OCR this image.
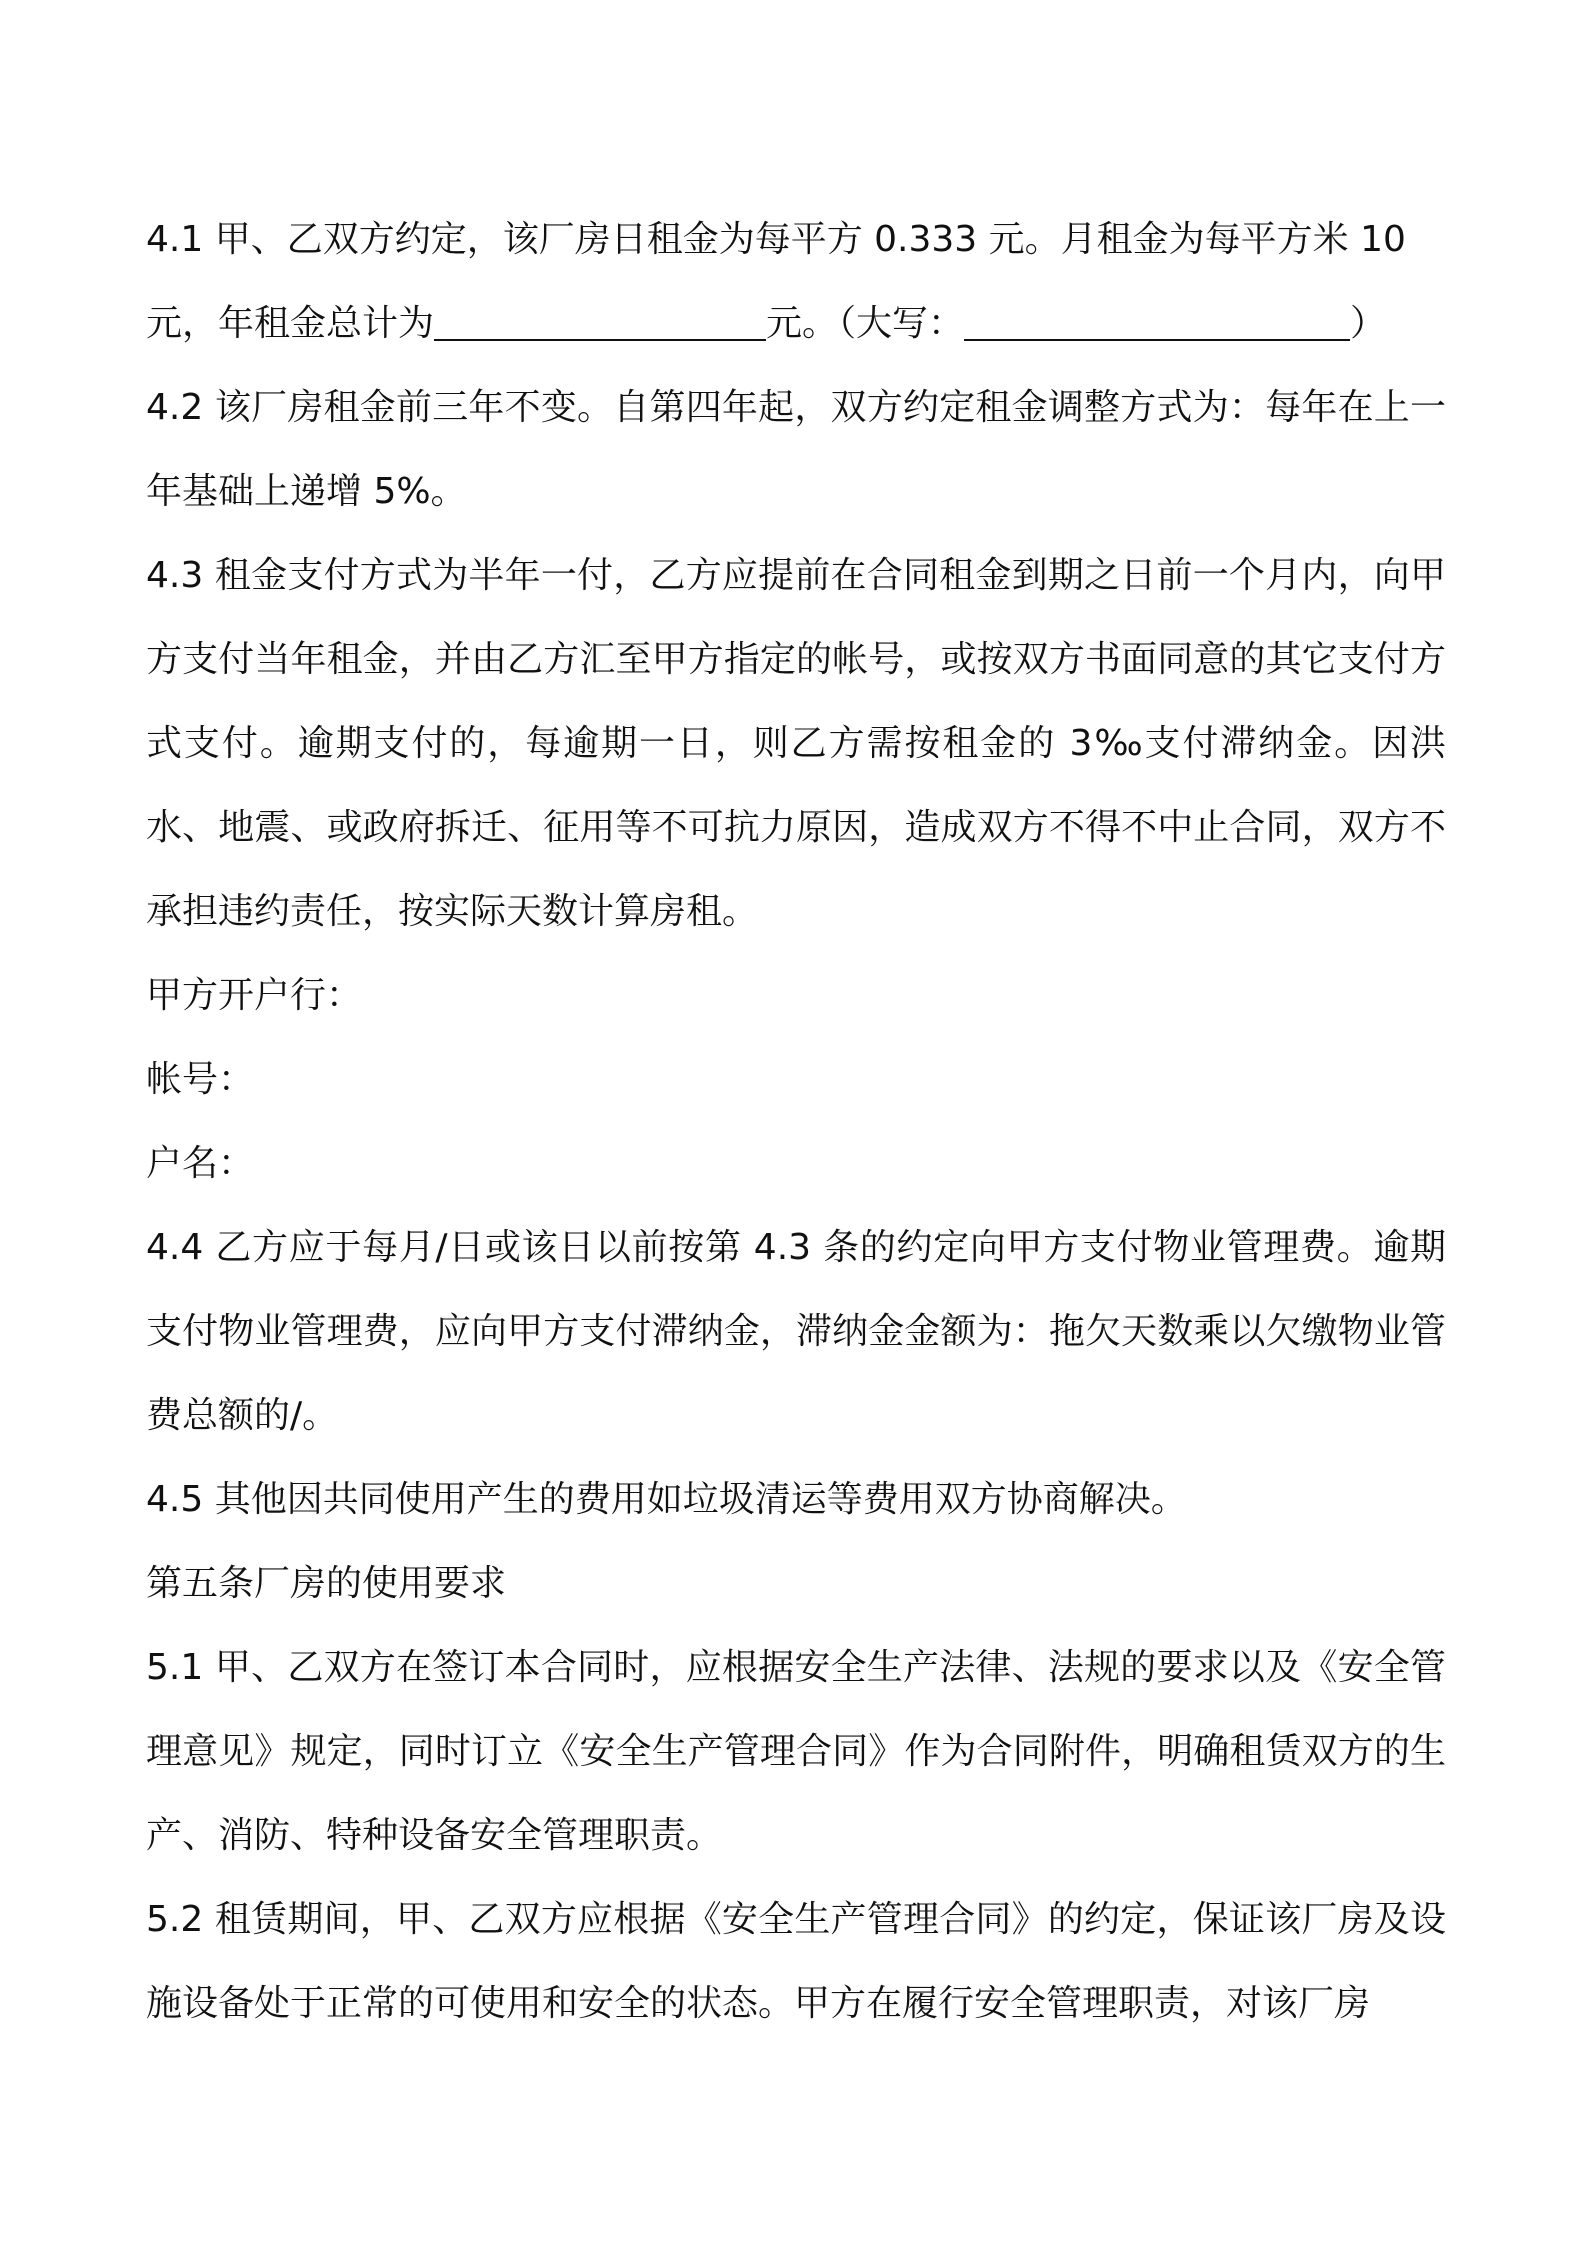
4.1 甲、乙双方约定，该厂房日租金为每平方 0.333 元。月租金为每平方米 10
元，年租金总计为	元。（大写：	）

4.2 该厂房租金前三年不变。自第四年起，双方约定租金调整方式为：每年在上一年基础上递增 5%。

4.3 租金支付方式为半年一付，乙方应提前在合同租金到期之日前一个月内，向甲方支付当年租金，并由乙方汇至甲方指定的帐号，或按双方书面同意的其它支付方式支付。逾期支付的，每逾期一日，则乙方需按租金的 3‰支付滞纳金。因洪水、地震、或政府拆迁、征用等不可抗力原因，造成双方不得不中止合同，双方不承担违约责任，按实际天数计算房租。

甲方开户行：

帐号：

户名：

4.4 乙方应于每月/日或该日以前按第 4.3 条的约定向甲方支付物业管理费。逾期支付物业管理费，应向甲方支付滞纳金，滞纳金金额为：拖欠天数乘以欠缴物业管费总额的/。

4.5 其他因共同使用产生的费用如垃圾清运等费用双方协商解决。

第五条厂房的使用要求

5.1 甲、乙双方在签订本合同时，应根据安全生产法律、法规的要求以及《安全管理意见》规定，同时订立《安全生产管理合同》作为合同附件，明确租赁双方的生产、消防、特种设备安全管理职责。

5.2 租赁期间，甲、乙双方应根据《安全生产管理合同》的约定，保证该厂房及设施设备处于正常的可使用和安全的状态。甲方在履行安全管理职责，对该厂房
